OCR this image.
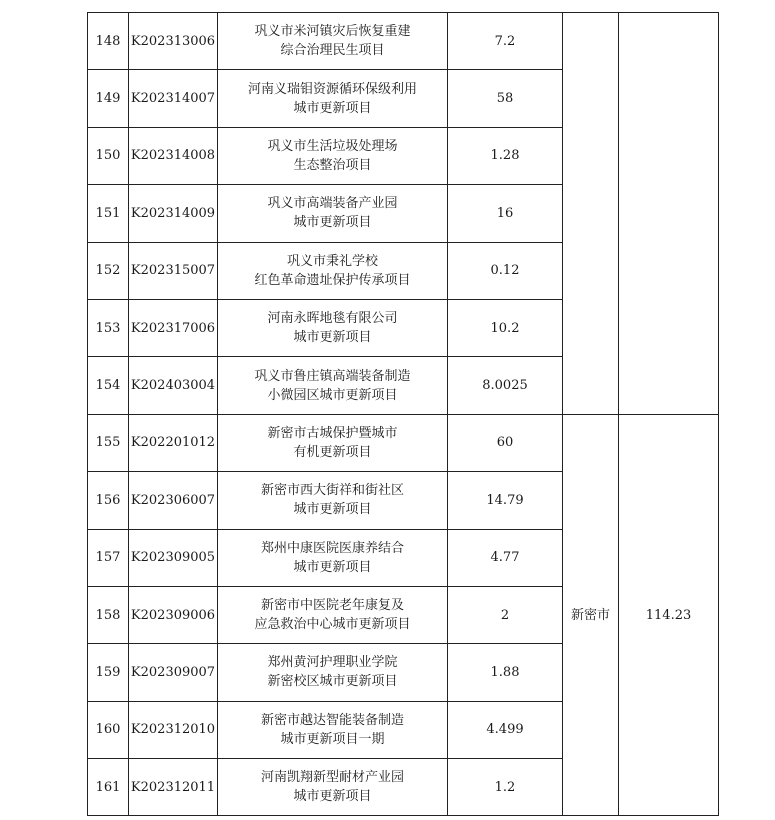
148	K202313006	巩义市米河镇灾后恢复重建
综合治理民生项目	7.2		
149	K202314007	河南义瑞钼资源循环保级利用
城市更新项目	58		
150	K202314008	巩义市生活垃圾处理场
生态整治项目	1.28		
151	K202314009	巩义市高端装备产业园
城市更新项目	16		
152	K202315007	巩义市秉礼学校
红色革命遗址保护传承项目	0.12		
153	K202317006	河南永晖地毯有限公司
城市更新项目	10.2		
154	K202403004	巩义市鲁庄镇高端装备制造
小微园区城市更新项目	8.0025		
155	K202201012	新密市古城保护暨城市
有机更新项目	60	新密市	114.23
156	K202306007	新密市西大街祥和街社区
城市更新项目	14.79		
157	K202309005	郑州中康医院医康养结合
城市更新项目	4.77		
158	K202309006	新密市中医院老年康复及
应急救治中心城市更新项目	2		
159	K202309007	郑州黄河护理职业学院
新密校区城市更新项目	1.88		
160	K202312010	新密市越达智能装备制造
城市更新项目一期	4.499		
161	K202312011	河南凯翔新型耐材产业园
城市更新项目	1.2		
